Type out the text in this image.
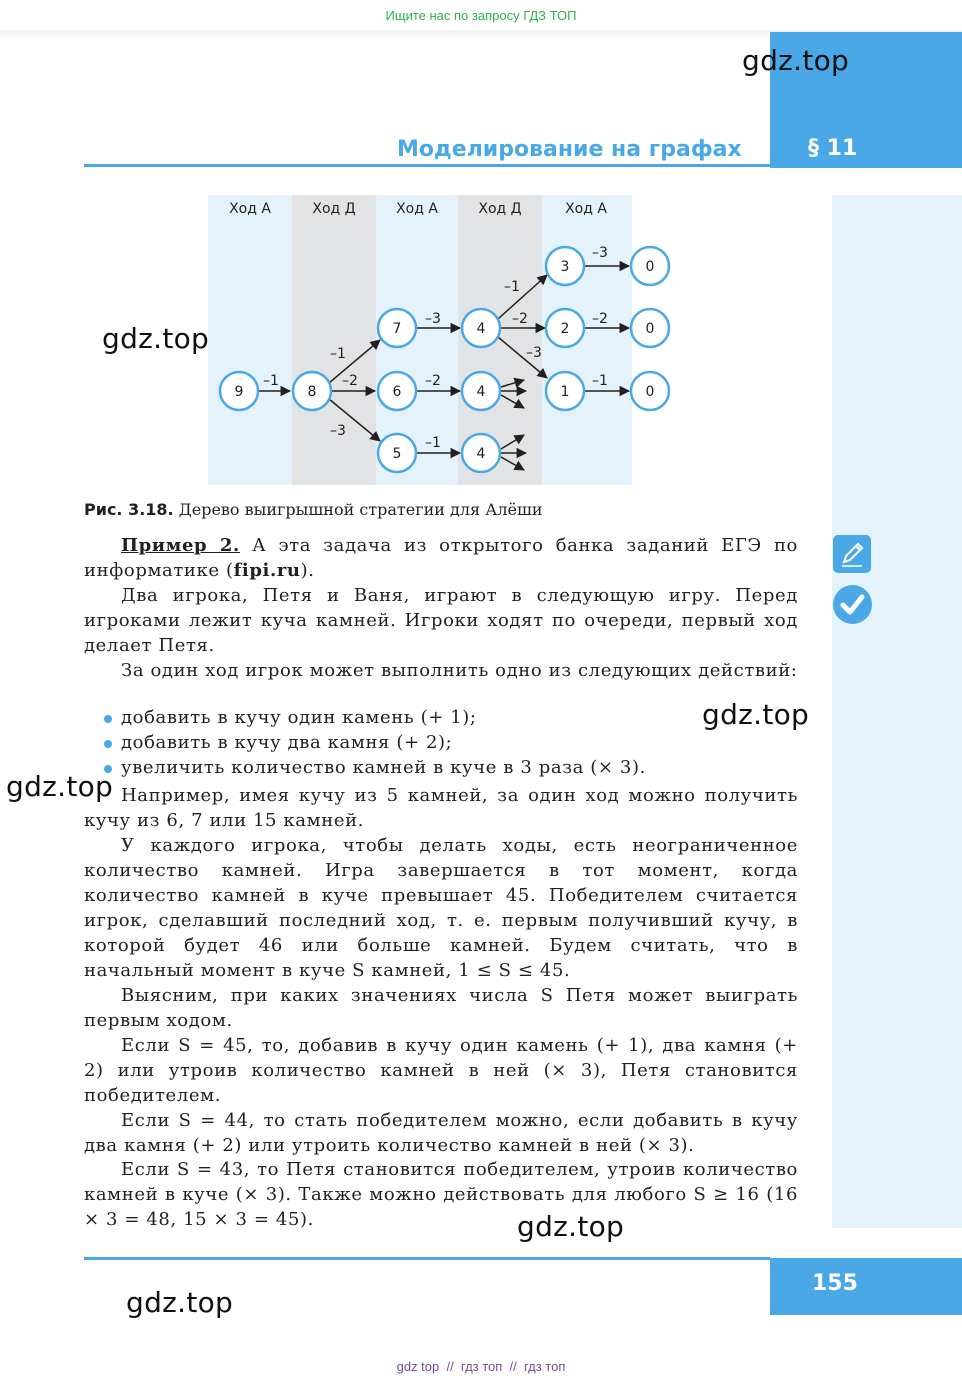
Ищите нас по запросу ГДЗ ТОП
gdz.top
§ 11
Моделирование на графах
Ход А	Ход Д	Ход А	Ход Д	Ход А
–1
–1
–2
–3
–3
–2
–1
–1
–2
–3
–3
–2
–1
9	8
7
6
5
4
4
4
3
2
1
0
0
0
gdz.top
Рис. 3.18. Дерево выигрышной стратегии для Алёши
Пример 2. А эта задача из открытого банка заданий ЕГЭ по информатике (fipi.ru).
Два игрока, Петя и Ваня, играют в следующую игру. Перед игроками лежит куча камней. Игроки ходят по очереди, первый ход делает Петя.
За один ход игрок может выполнить одно из следующих действий:
добавить в кучу один камень (+ 1);
добавить в кучу два камня (+ 2);
увеличить количество камней в куче в 3 раза (× 3).
gdz.top
gdz.top Например, имея кучу из 5 камней, за один ход можно получить кучу из 6, 7 или 15 камней.
У каждого игрока, чтобы делать ходы, есть неограниченное количество камней. Игра завершается в тот момент, когда количество камней в куче превышает 45. Победителем считается игрок, сделавший последний ход, т. е. первым получивший кучу, в которой будет 46 или больше камней. Будем считать, что в начальный момент в куче S камней, 1 ≤ S ≤ 45.
Выясним, при каких значениях числа S Петя может выиграть первым ходом.
Если S = 45, то, добавив в кучу один камень (+ 1), два камня (+ 2) или утроив количество камней в ней (× 3), Петя становится победителем.
Если S = 44, то стать победителем можно, если добавить в кучу два камня (+ 2) или утроить количество камней в ней (× 3).
Если S = 43, то Петя становится победителем, утроив количество камней в куче (× 3). Также можно действовать для любого S ≥ 16 (16 × 3 = 48, 15 × 3 = 45).	gdz.top
155
gdz.top
gdz top  //  гдз топ  //  гдз топ
